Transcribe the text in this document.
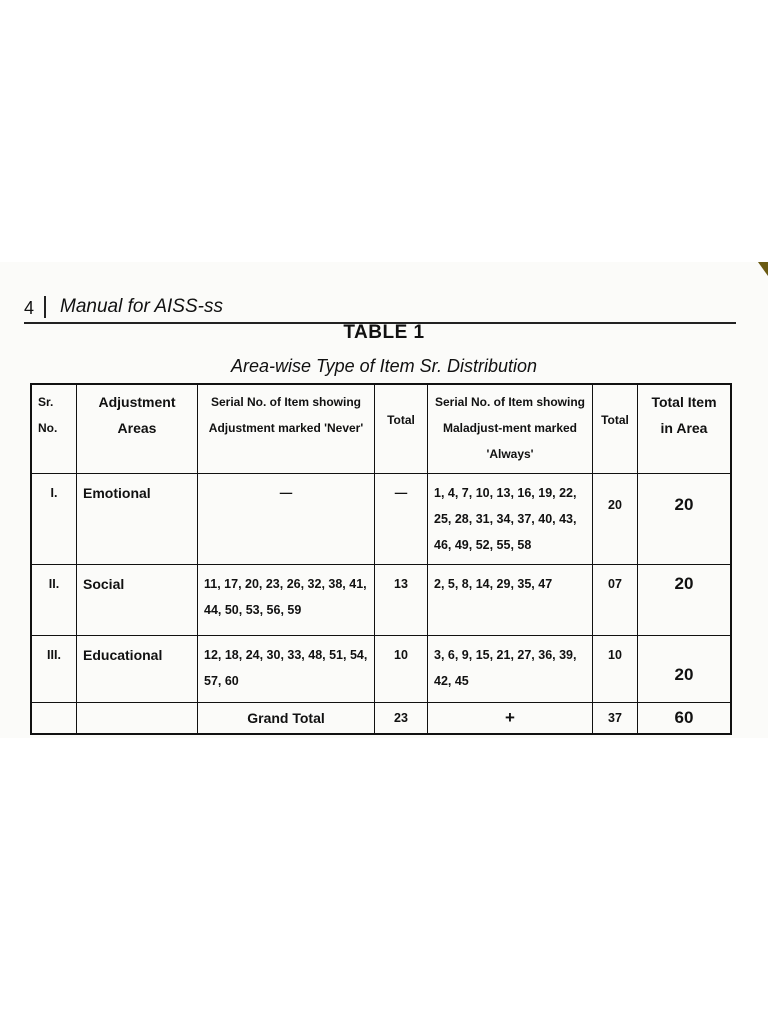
4 Manual for AISS-ss
TABLE 1
Area-wise Type of Item Sr. Distribution
Sr. No.	Adjustment Areas	Serial No. of Item showing Adjustment marked 'Never'	Total	Serial No. of Item showing Maladjust-ment marked 'Always'	Total	Total Item in Area

I.	Emotional	—	—	1, 4, 7, 10, 13, 16, 19, 22, 25, 28, 31, 34, 37, 40, 43, 46, 49, 52, 55, 58	20	20

II.	Social	11, 17, 20, 23, 26, 32, 38, 41, 44, 50, 53, 56, 59	13	2, 5, 8, 14, 29, 35, 47	07	20

III.	Educational	12, 18, 24, 30, 33, 48, 51, 54, 57, 60	10	3, 6, 9, 15, 21, 27, 36, 39, 42, 45	10	20

		Grand Total	23	+	37	60
